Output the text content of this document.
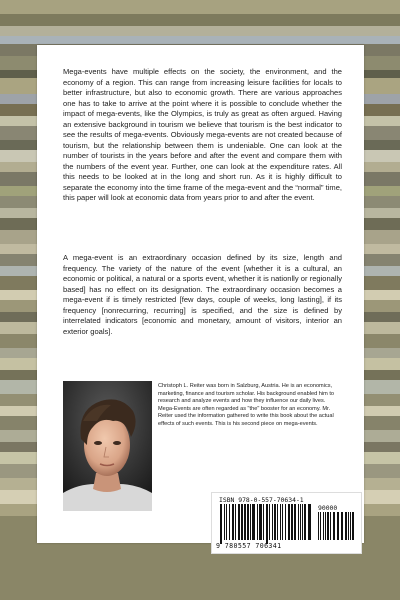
Mega-events have multiple effects on the society, the environment, and the economy of a region. This can range from increasing leisure facilities for locals to better infrastructure, but also to economic growth. There are various approaches one has to take to arrive at the point where it is possible to conclude whether the impact of mega-events, like the Olympics, is truly as great as often argued. Having an extensive background in tourism we believe that tourism is the best indicator to see the results of mega-events. Obviously mega-events are not created because of tourism, but the relationship between them is undeniable. One can look at the number of tourists in the years before and after the event and compare them with the numbers of the event year. Further, one can look at the expenditure rates. All this needs to be looked at in the long and short run. As it is highly difficult to separate the economy into the time frame of the mega-event and the “normal” time, this paper will look at economic data from years prior to and after the event.

A mega-event is an extraordinary occasion defined by its size, length and frequency. The variety of the nature of the event [whether it is a cultural, an economic or political, a natural or a sports event, whether it is nationlly or regionally based] has no effect on its designation. The extraordinary occasion becomes a mega-event if is timely restricted [few days, couple of weeks, long lasting], if its frequency [nonrecurring, recurring] is specified, and the size is defined by interrelated indicators [economic and monetary, amount of visitors, interior an exterior goals].

Christoph L. Reiter was born in Salzburg, Austria. He is an economics, marketing, finance and tourism scholar. His background enabled him to research and analyze events and how they influence our daily lives. Mega-Events are often regarded as "the" booster for an economy. Mr. Reiter used the information gathered to write this book about the actual effects of such events. This is his second piece on mega-events.

ISBN 978-0-557-70634-1
90000
9 780557 706341
